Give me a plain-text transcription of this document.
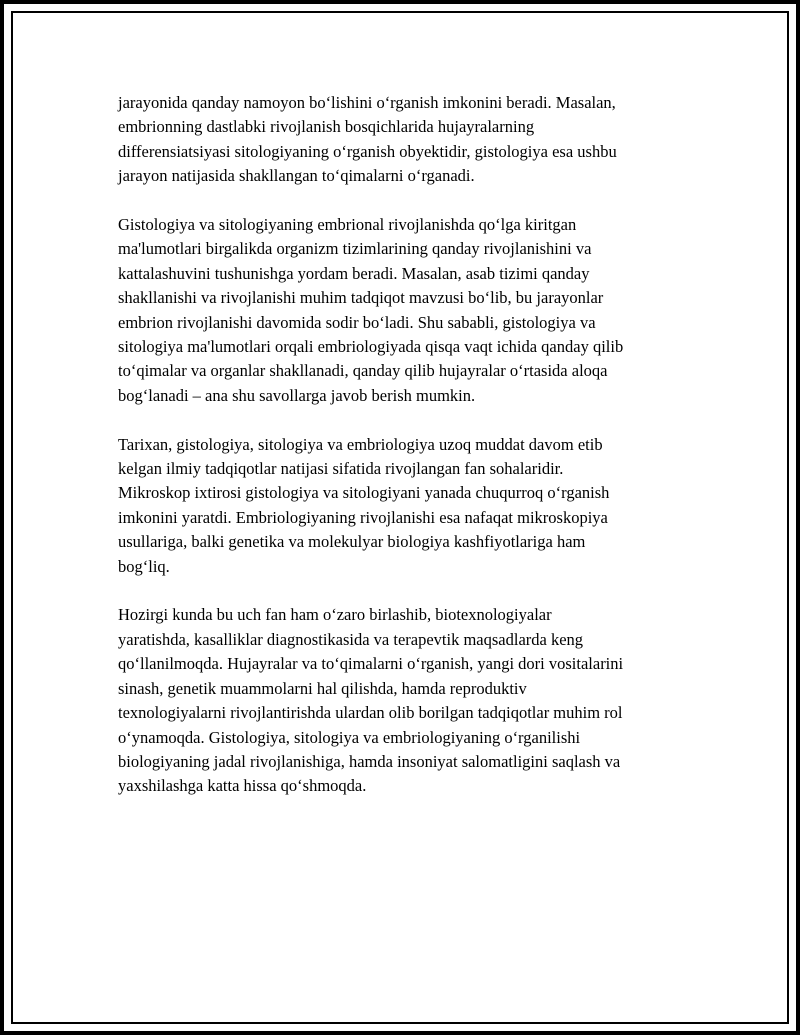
jarayonida qanday namoyon bo‘lishini o‘rganish imkonini beradi. Masalan,
embrionning dastlabki rivojlanish bosqichlarida hujayralarning
differensiatsiyasi sitologiyaning o‘rganish obyektidir, gistologiya esa ushbu
jarayon natijasida shakllangan to‘qimalarni o‘rganadi.

Gistologiya va sitologiyaning embrional rivojlanishda qo‘lga kiritgan
ma'lumotlari birgalikda organizm tizimlarining qanday rivojlanishini va
kattalashuvini tushunishga yordam beradi. Masalan, asab tizimi qanday
shakllanishi va rivojlanishi muhim tadqiqot mavzusi bo‘lib, bu jarayonlar
embrion rivojlanishi davomida sodir bo‘ladi. Shu sababli, gistologiya va
sitologiya ma'lumotlari orqali embriologiyada qisqa vaqt ichida qanday qilib
to‘qimalar va organlar shakllanadi, qanday qilib hujayralar o‘rtasida aloqa
bog‘lanadi – ana shu savollarga javob berish mumkin.

Tarixan, gistologiya, sitologiya va embriologiya uzoq muddat davom etib
kelgan ilmiy tadqiqotlar natijasi sifatida rivojlangan fan sohalaridir.
Mikroskop ixtirosi gistologiya va sitologiyani yanada chuqurroq o‘rganish
imkonini yaratdi. Embriologiyaning rivojlanishi esa nafaqat mikroskopiya
usullariga, balki genetika va molekulyar biologiya kashfiyotlariga ham
bog‘liq.

Hozirgi kunda bu uch fan ham o‘zaro birlashib, biotexnologiyalar
yaratishda, kasalliklar diagnostikasida va terapevtik maqsadlarda keng
qo‘llanilmoqda. Hujayralar va to‘qimalarni o‘rganish, yangi dori vositalarini
sinash, genetik muammolarni hal qilishda, hamda reproduktiv
texnologiyalarni rivojlantirishda ulardan olib borilgan tadqiqotlar muhim rol
o‘ynamoqda. Gistologiya, sitologiya va embriologiyaning o‘rganilishi
biologiyaning jadal rivojlanishiga, hamda insoniyat salomatligini saqlash va
yaxshilashga katta hissa qo‘shmoqda.
